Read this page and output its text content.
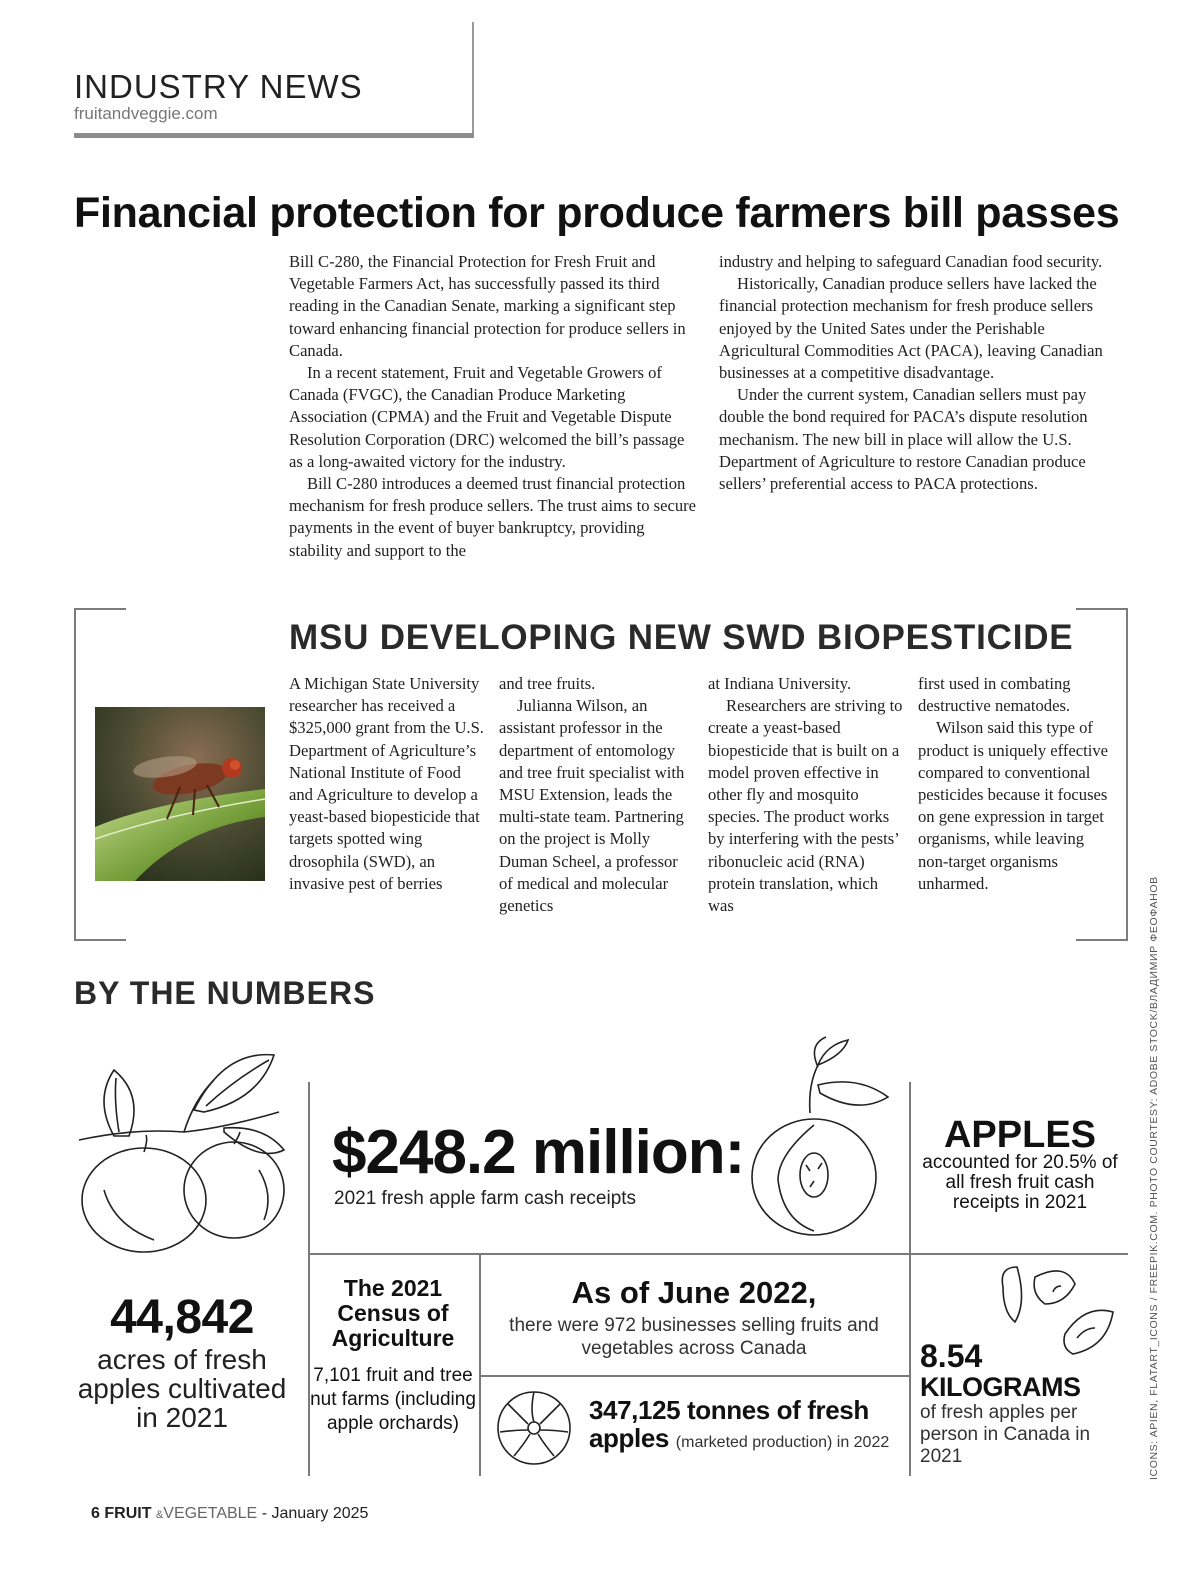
INDUSTRY NEWS
fruitandveggie.com
Financial protection for produce farmers bill passes

Bill C-280, the Financial Protection for Fresh Fruit and Vegetable Farmers Act, has successfully passed its third reading in the Canadian Senate, marking a significant step toward enhancing financial protection for produce sellers in Canada.

In a recent statement, Fruit and Vegetable Growers of Canada (FVGC), the Canadian Produce Marketing Association (CPMA) and the Fruit and Vegetable Dispute Resolution Corporation (DRC) welcomed the bill’s passage as a long-awaited victory for the industry.

Bill C-280 introduces a deemed trust financial protection mechanism for fresh produce sellers. The trust aims to secure payments in the event of buyer bankruptcy, providing stability and support to the

industry and helping to safeguard Canadian food security.

Historically, Canadian produce sellers have lacked the financial protection mechanism for fresh produce sellers enjoyed by the United Sates under the Perishable Agricultural Commodities Act (PACA), leaving Canadian businesses at a competitive disadvantage.

Under the current system, Canadian sellers must pay double the bond required for PACA’s dispute resolution mechanism. The new bill in place will allow the U.S. Department of Agriculture to restore Canadian produce sellers’ preferential access to PACA protections.

MSU DEVELOPING NEW SWD BIOPESTICIDE

A Michigan State University researcher has received a $325,000 grant from the U.S. Department of Agriculture’s National Institute of Food and Agriculture to develop a yeast-based biopesticide that targets spotted wing drosophila (SWD), an invasive pest of berries

and tree fruits.

Julianna Wilson, an assistant professor in the department of entomology and tree fruit specialist with MSU Extension, leads the multi-state team. Partnering on the project is Molly Duman Scheel, a professor of medical and molecular genetics

at Indiana University.

Researchers are striving to create a yeast-based biopesticide that is built on a model proven effective in other fly and mosquito species. The product works by interfering with the pests’ ribonucleic acid (RNA) protein translation, which was

first used in combating destructive nematodes.

Wilson said this type of product is uniquely effective compared to conventional pesticides because it focuses on gene expression in target organisms, while leaving non-target organisms unharmed.

BY THE NUMBERS
$248.2 million:
2021 fresh apple farm cash receipts
APPLES
accounted for 20.5% of all fresh fruit cash receipts in 2021
44,842
acres of fresh apples cultivated in 2021
The 2021 Census of Agriculture
7,101 fruit and tree nut farms (including apple orchards)
As of June 2022,
there were 972 businesses selling fruits and vegetables across Canada
347,125 tonnes of fresh apples (marketed production) in 2022
8.54
KILOGRAMS
of fresh apples per person in Canada in 2021	ICONS: APIEN, FLATART_ICONS / FREEPIK.COM. PHOTO COURTESY: ADOBE STOCK/ВЛАДИМИР ФЕОФАНОВ
6 FRUIT &VEGETABLE - January 2025
